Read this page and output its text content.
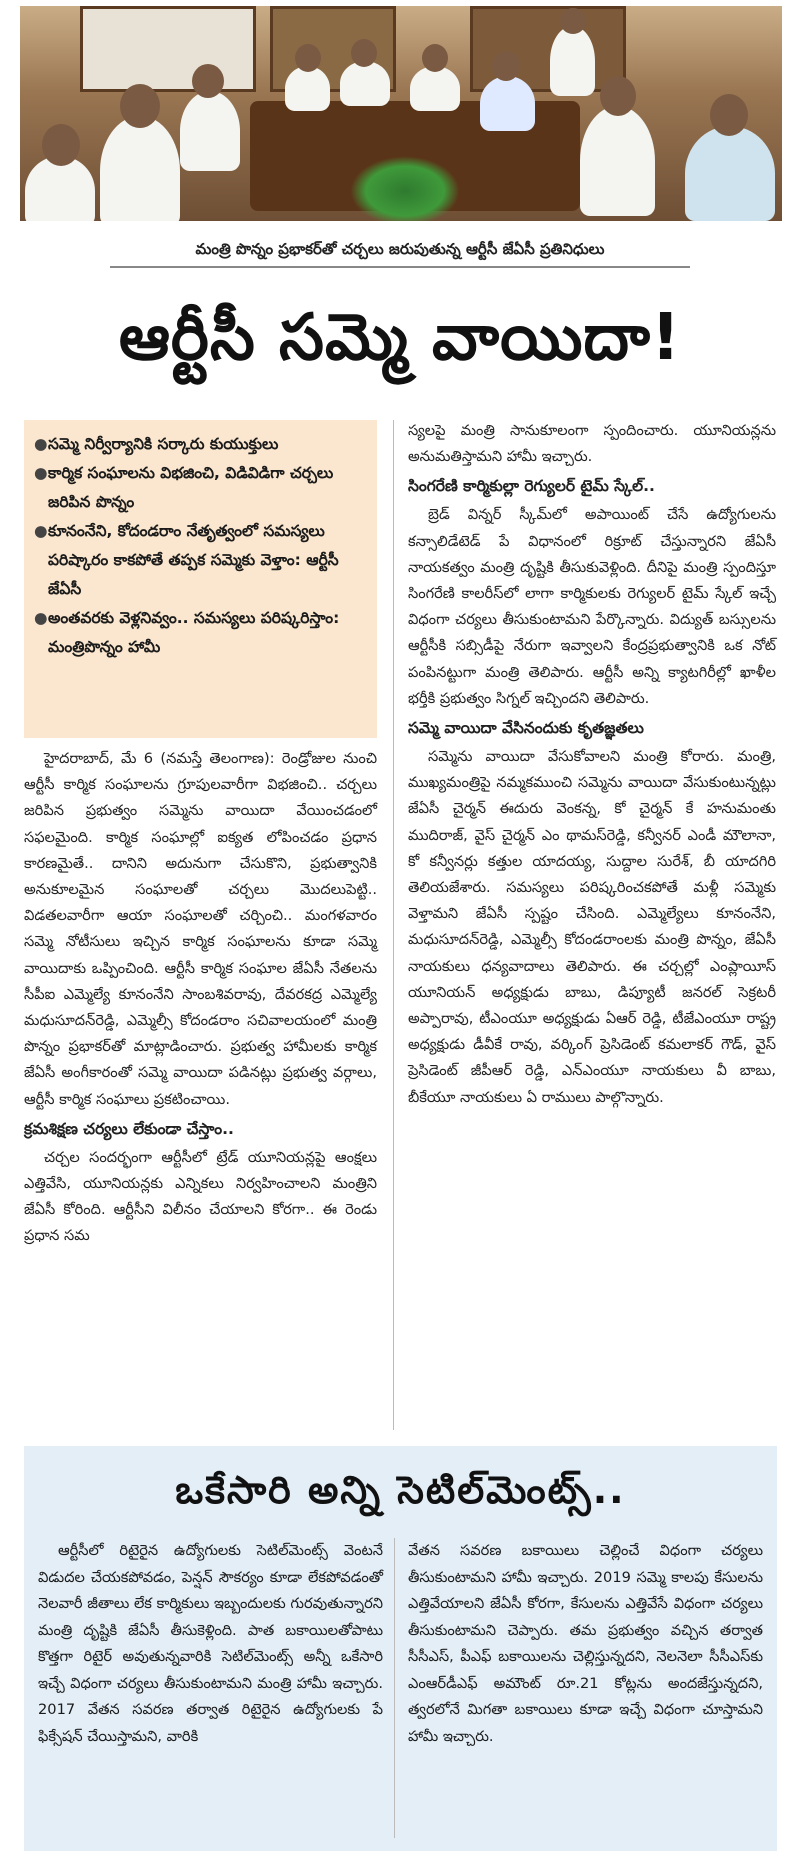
మంత్రి పొన్నం ప్రభాకర్‌తో చర్చలు జరుపుతున్న ఆర్టీసీ జేఏసీ ప్రతినిధులు
ఆర్టీసీ సమ్మె వాయిదా!
● సమ్మె నిర్వీర్యానికి సర్కారు కుయుక్తులు
● కార్మిక సంఘాలను విభజించి, విడివిడిగా చర్చలు జరిపిన పొన్నం
● కూనంనేని, కోదండరాం నేతృత్వంలో సమస్యలు పరిష్కారం కాకపోతే తప్పక సమ్మెకు వెళ్తాం: ఆర్టీసీ జేఏసీ
● అంతవరకు వెళ్లనివ్వం.. సమస్యలు పరిష్కరిస్తాం: మంత్రిపొన్నం హామీ

హైదరాబాద్, మే 6 (నమస్తే తెలంగాణ): రెండ్రోజుల నుంచి ఆర్టీసీ కార్మిక సంఘాలను గ్రూపులవారీగా విభజించి.. చర్చలు జరిపిన ప్రభుత్వం సమ్మెను వాయిదా వేయించడంలో సఫలమైంది. కార్మిక సంఘాల్లో ఐక్యత లోపించడం ప్రధాన కారణమైతే.. దానిని అదునుగా చేసుకొని, ప్రభుత్వానికి అనుకూలమైన సంఘాలతో చర్చలు మొదలుపెట్టి.. విడతలవారీగా ఆయా సంఘాలతో చర్చించి.. మంగళవారం సమ్మె నోటీసులు ఇచ్చిన కార్మిక సంఘాలను కూడా సమ్మె వాయిదాకు ఒప్పించింది. ఆర్టీసీ కార్మిక సంఘాల జేఏసీ నేతలను సీపీఐ ఎమ్మెల్యే కూనంనేని సాంబశివరావు, దేవరకద్ర ఎమ్మెల్యే మధుసూదన్‌రెడ్డి, ఎమ్మెల్సీ కోదండరాం సచివాలయంలో మంత్రి పొన్నం ప్రభాకర్‌తో మాట్లాడించారు. ప్రభుత్వ హామీలకు కార్మిక జేఏసీ అంగీకారంతో సమ్మె వాయిదా పడినట్లు ప్రభుత్వ వర్గాలు, ఆర్టీసీ కార్మిక సంఘాలు ప్రకటించాయి.

క్రమశిక్షణ చర్యలు లేకుండా చేస్తాం..

చర్చల సందర్భంగా ఆర్టీసీలో ట్రేడ్ యూనియన్లపై ఆంక్షలు ఎత్తివేసి, యూనియన్లకు ఎన్నికలు నిర్వహించాలని మంత్రిని జేఏసీ కోరింది. ఆర్టీసీని విలీనం చేయాలని కోరగా.. ఈ రెండు ప్రధాన సమ

స్యలపై మంత్రి సానుకూలంగా స్పందించారు. యూనియన్లను అనుమతిస్తామని హామీ ఇచ్చారు.

సింగరేణి కార్మికుల్లా రెగ్యులర్ టైమ్ స్కేల్..

బ్రెడ్ విన్నర్ స్కీమ్‌లో అపాయింట్ చేసే ఉద్యోగులను కన్సాలిడేటెడ్ పే విధానంలో రిక్రూట్ చేస్తున్నారని జేఏసీ నాయకత్వం మంత్రి దృష్టికి తీసుకువెళ్లింది. దీనిపై మంత్రి స్పందిస్తూ సింగరేణి కాలరీస్‌లో లాగా కార్మికులకు రెగ్యులర్ టైమ్ స్కేల్ ఇచ్చే విధంగా చర్యలు తీసుకుంటామని పేర్కొన్నారు. విద్యుత్ బస్సులను ఆర్టీసీకి సబ్సిడీపై నేరుగా ఇవ్వాలని కేంద్రప్రభుత్వానికి ఒక నోట్ పంపినట్టుగా మంత్రి తెలిపారు. ఆర్టీసీ అన్ని క్యాటగిరీల్లో ఖాళీల భర్తీకి ప్రభుత్వం సిగ్నల్ ఇచ్చిందని తెలిపారు.

సమ్మె వాయిదా వేసినందుకు కృతజ్ఞతలు

సమ్మెను వాయిదా వేసుకోవాలని మంత్రి కోరారు. మంత్రి, ముఖ్యమంత్రిపై నమ్మకముంచి సమ్మెను వాయిదా వేసుకుంటున్నట్లు జేఏసీ చైర్మన్ ఈదురు వెంకన్న, కో చైర్మన్ కే హనుమంతు ముదిరాజ్, వైస్ చైర్మన్ ఎం థామస్‌రెడ్డి, కన్వీనర్ ఎండీ మౌలానా, కో కన్వీనర్లు కత్తుల యాదయ్య, సుద్దాల సురేశ్, బీ యాదగిరి తెలియజేశారు. సమస్యలు పరిష్కరించకపోతే మళ్లీ సమ్మెకు వెళ్తామని జేఏసీ స్పష్టం చేసింది. ఎమ్మెల్యేలు కూనంనేని, మధుసూదన్‌రెడ్డి, ఎమ్మెల్సీ కోదండరాంలకు మంత్రి పొన్నం, జేఏసీ నాయకులు ధన్యవాదాలు తెలిపారు. ఈ చర్చల్లో ఎంప్లాయీస్ యూనియన్ అధ్యక్షుడు బాబు, డిప్యూటీ జనరల్ సెక్రటరీ అప్పారావు, టీఎంయూ అధ్యక్షుడు ఏఆర్ రెడ్డి, టీజేఎంయూ రాష్ట్ర అధ్యక్షుడు డీవీకే రావు, వర్కింగ్ ప్రెసిడెంట్ కమలాకర్ గౌడ్, వైస్ ప్రెసిడెంట్ జీపీఆర్ రెడ్డి, ఎన్ఎంయూ నాయకులు వీ బాబు, బీకేయూ నాయకులు ఏ రాములు పాల్గొన్నారు.

ఒకేసారి అన్ని సెటిల్‌మెంట్స్..

ఆర్టీసీలో రిటైరైన ఉద్యోగులకు సెటిల్‌మెంట్స్ వెంటనే విడుదల చేయకపోవడం, పెన్షన్ సౌకర్యం కూడా లేకపోవడంతో నెలవారీ జీతాలు లేక కార్మికులు ఇబ్బందులకు గురవుతున్నారని మంత్రి దృష్టికి జేఏసీ తీసుకెళ్లింది. పాత బకాయిలతోపాటు కొత్తగా రిటైర్ అవుతున్నవారికి సెటిల్‌మెంట్స్ అన్నీ ఒకేసారి ఇచ్చే విధంగా చర్యలు తీసుకుంటామని మంత్రి హామీ ఇచ్చారు. 2017 వేతన సవరణ తర్వాత రిటైరైన ఉద్యోగులకు పే ఫిక్సేషన్ చేయిస్తామని, వారికి

వేతన సవరణ బకాయిలు చెల్లించే విధంగా చర్యలు తీసుకుంటామని హామీ ఇచ్చారు. 2019 సమ్మె కాలపు కేసులను ఎత్తివేయాలని జేఏసీ కోరగా, కేసులను ఎత్తివేసే విధంగా చర్యలు తీసుకుంటామని చెప్పారు. తమ ప్రభుత్వం వచ్చిన తర్వాత సీసీఎస్, పీఎఫ్ బకాయిలను చెల్లిస్తున్నదని, నెలనెలా సీసీఎస్‌కు ఎంఆర్‌డీఎఫ్ అమౌంట్ రూ.21 కోట్లను అందజేస్తున్నదని, త్వరలోనే మిగతా బకాయిలు కూడా ఇచ్చే విధంగా చూస్తామని హామీ ఇచ్చారు.
